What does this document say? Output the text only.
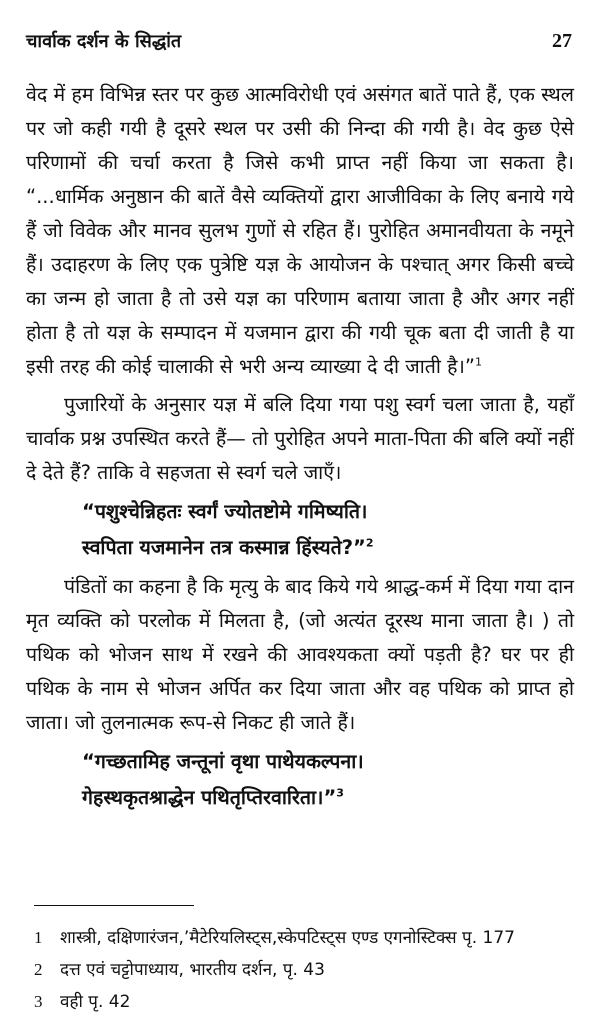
चार्वाक दर्शन के सिद्धांत	27

वेद में हम विभिन्न स्तर पर कुछ आत्मविरोधी एवं असंगत बातें पाते हैं, एक स्थल पर जो कही गयी है दूसरे स्थल पर उसी की निन्दा की गयी है। वेद कुछ ऐसे परिणामों की चर्चा करता है जिसे कभी प्राप्त नहीं किया जा सकता है। “...धार्मिक अनुष्ठान की बातें वैसे व्यक्तियों द्वारा आजीविका के लिए बनाये गये हैं जो विवेक और मानव सुलभ गुणों से रहित हैं। पुरोहित अमानवीयता के नमूने हैं। उदाहरण के लिए एक पुत्रेष्टि यज्ञ के आयोजन के पश्चात् अगर किसी बच्चे का जन्म हो जाता है तो उसे यज्ञ का परिणाम बताया जाता है और अगर नहीं होता है तो यज्ञ के सम्पादन में यजमान द्वारा की गयी चूक बता दी जाती है या इसी तरह की कोई चालाकी से भरी अन्य व्याख्या दे दी जाती है।”$^1$

पुजारियों के अनुसार यज्ञ में बलि दिया गया पशु स्वर्ग चला जाता है, यहाँ चार्वाक प्रश्न उपस्थित करते हैं— तो पुरोहित अपने माता-पिता की बलि क्यों नहीं दे देते हैं? ताकि वे सहजता से स्वर्ग चले जाएँ।

“पशुश्चेन्निहतः स्वर्गं ज्योतष्टोमे गमिष्यति।
स्वपिता यजमानेन तत्र कस्मान्न हिंस्यते?”$^2$

पंडितों का कहना है कि मृत्यु के बाद किये गये श्राद्ध-कर्म में दिया गया दान मृत व्यक्ति को परलोक में मिलता है, (जो अत्यंत दूरस्थ माना जाता है। ) तो पथिक को भोजन साथ में रखने की आवश्यकता क्यों पड़ती है? घर पर ही पथिक के नाम से भोजन अर्पित कर दिया जाता और वह पथिक को प्राप्त हो जाता। जो तुलनात्मक रूप-से निकट ही जाते हैं।

“गच्छतामिह जन्तूनां वृथा पाथेयकल्पना।
गेहस्थकृतश्राद्धेन पथितृप्तिरवारिता।”$^3$
1	शास्त्री, दक्षिणारंजन,’मैटेरियलिस्ट्स,स्केपटिस्ट्स एण्ड एगनोस्टिक्स पृ. 177
2	दत्त एवं चट्टोपाध्याय, भारतीय दर्शन, पृ. 43
3	वही पृ. 42
